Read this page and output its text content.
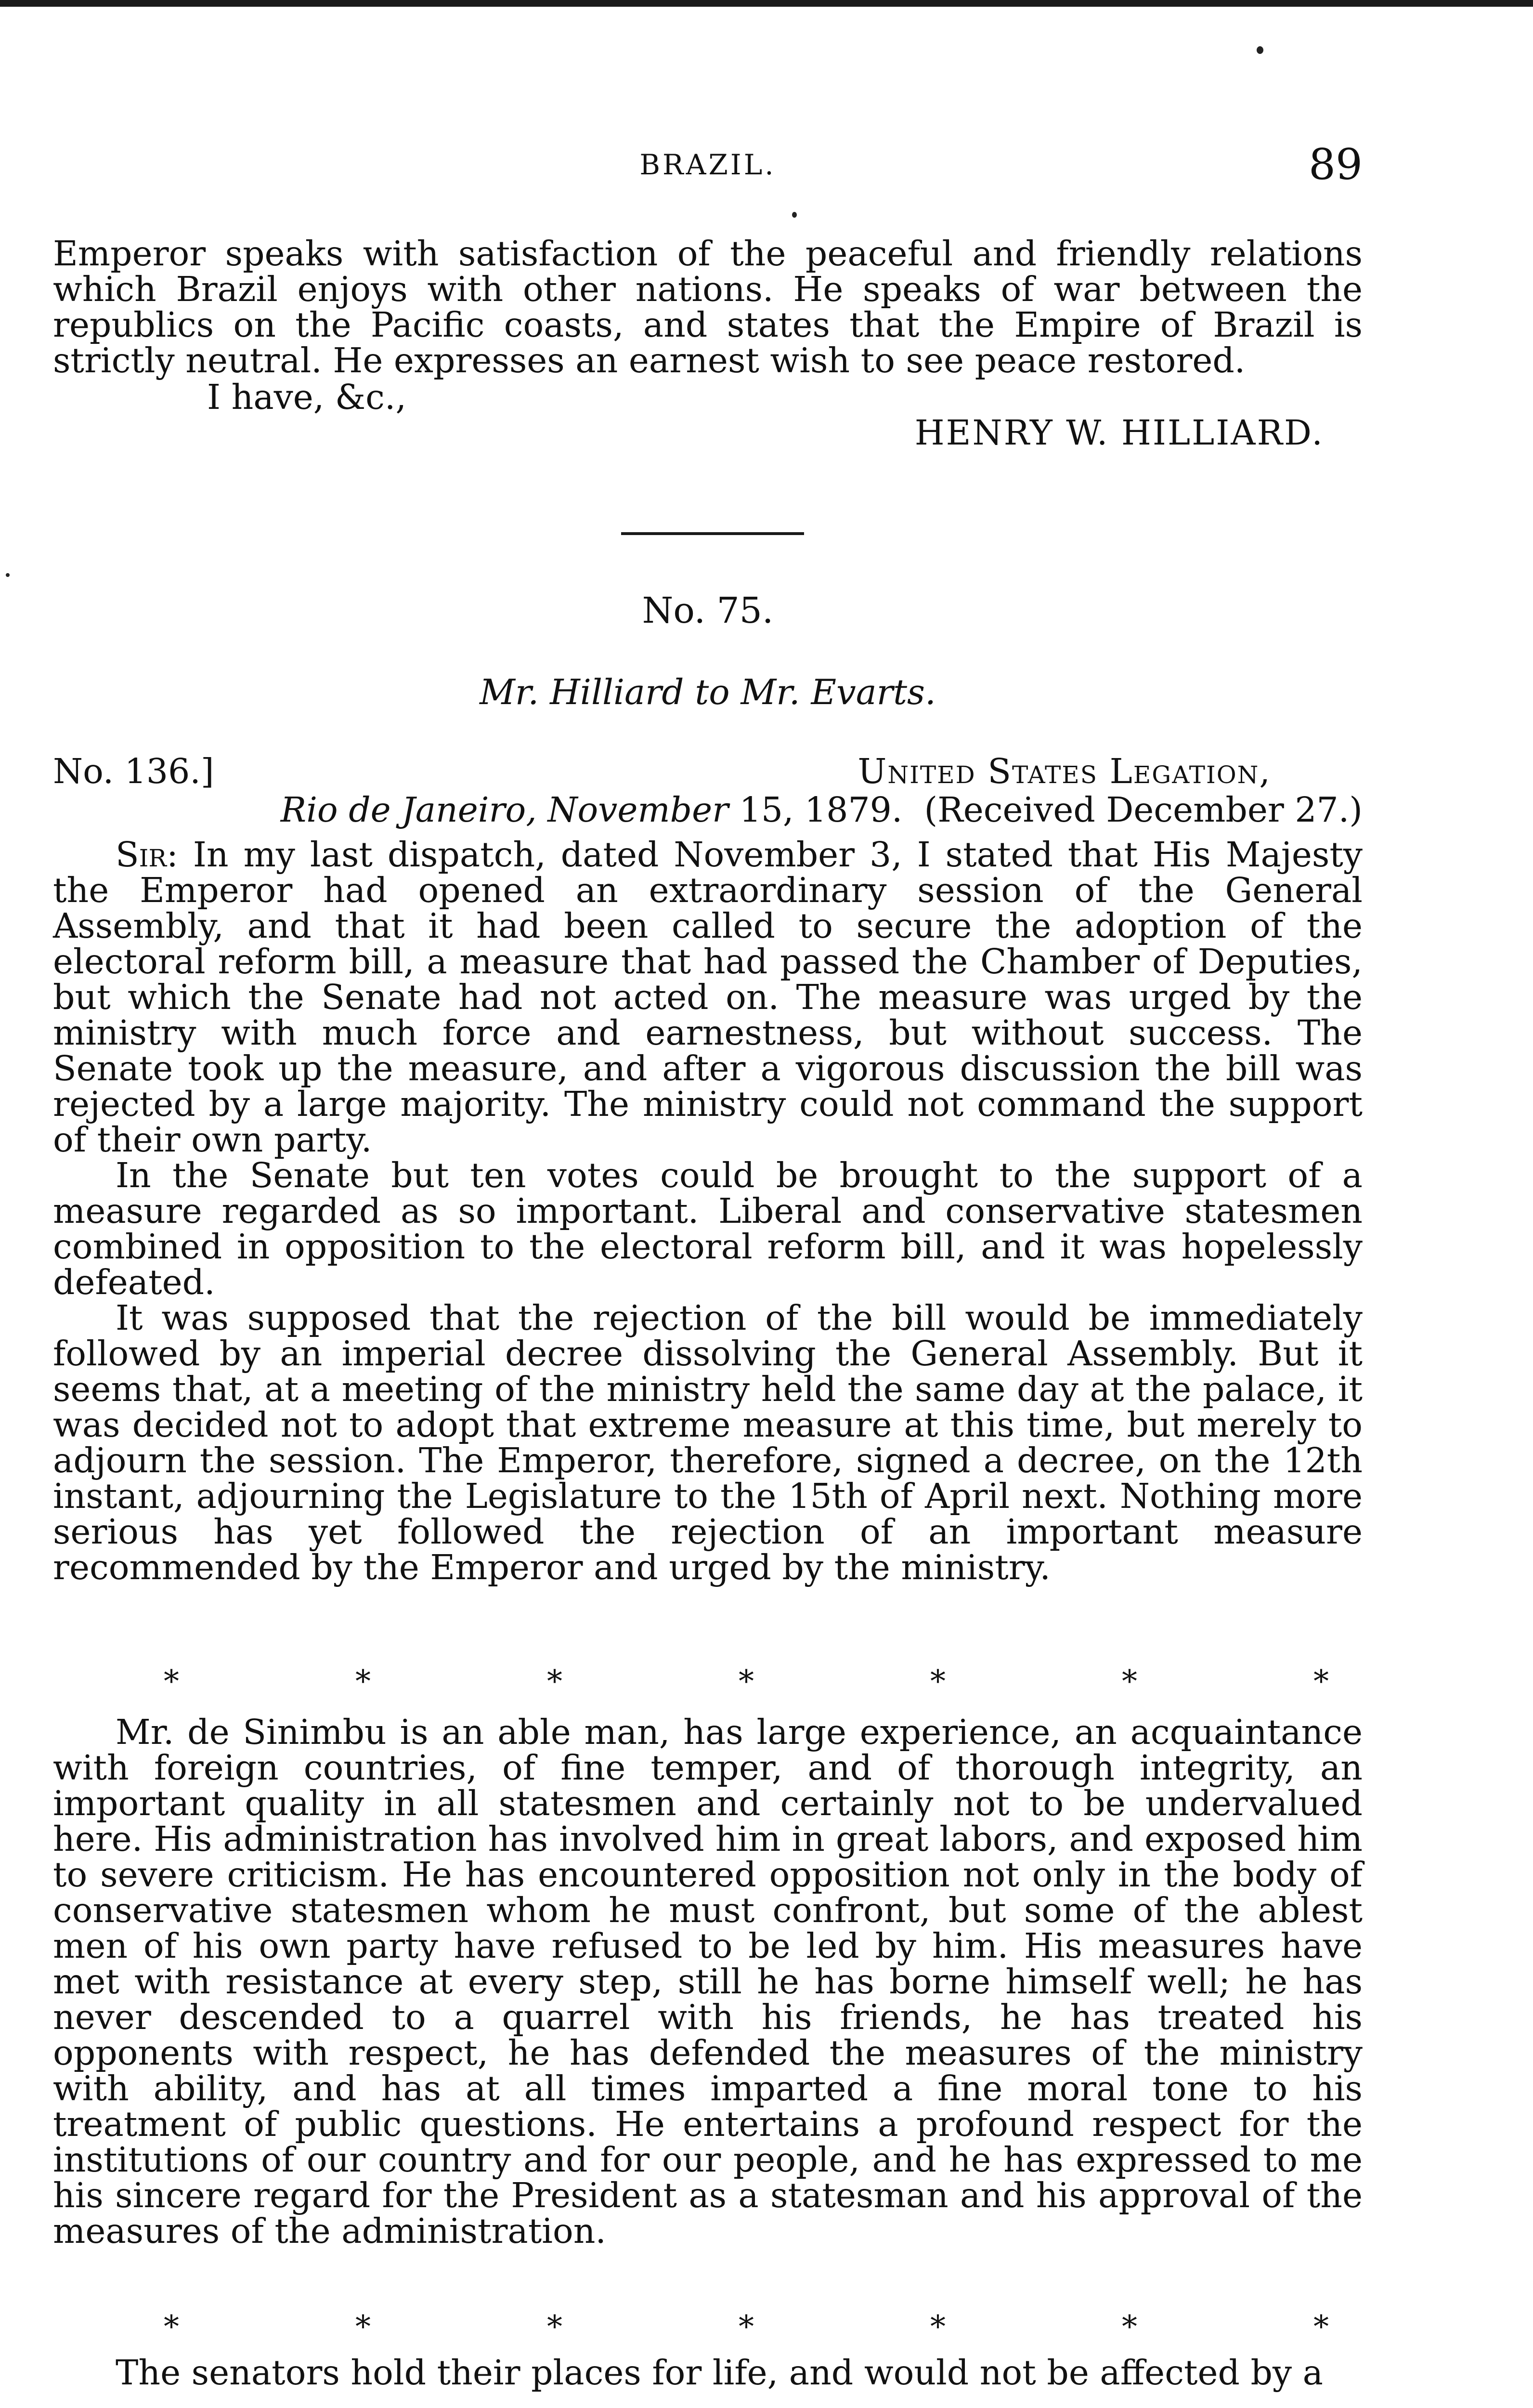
BRAZIL.	89

Emperor speaks with satisfaction of the peaceful and friendly relations which Brazil enjoys with other nations. He speaks of war between the republics on the Pacific coasts, and states that the Empire of Brazil is strictly neutral. He expresses an earnest wish to see peace restored.

I have, &c.,
HENRY W. HILLIARD.
No. 75.
Mr. Hilliard to Mr. Evarts.
No. 136.]	United States Legation,
Rio de Janeiro, November 15, 1879. (Received December 27.)

Sir: In my last dispatch, dated November 3, I stated that His Majesty the Emperor had opened an extraordinary session of the General Assembly, and that it had been called to secure the adoption of the electoral reform bill, a measure that had passed the Chamber of Deputies, but which the Senate had not acted on. The measure was urged by the ministry with much force and earnestness, but without success. The Senate took up the measure, and after a vigorous discussion the bill was rejected by a large majority. The ministry could not command the support of their own party.

In the Senate but ten votes could be brought to the support of a measure regarded as so important. Liberal and conservative statesmen combined in opposition to the electoral reform bill, and it was hopelessly defeated.

It was supposed that the rejection of the bill would be immediately followed by an imperial decree dissolving the General Assembly. But it seems that, at a meeting of the ministry held the same day at the palace, it was decided not to adopt that extreme measure at this time, but merely to adjourn the session. The Emperor, therefore, signed a decree, on the 12th instant, adjourning the Legislature to the 15th of April next. Nothing more serious has yet followed the rejection of an important measure recommended by the Emperor and urged by the ministry.

*	*	*	*	*	*	*

Mr. de Sinimbu is an able man, has large experience, an acquaintance with foreign countries, of fine temper, and of thorough integrity, an important quality in all statesmen and certainly not to be undervalued here. His administration has involved him in great labors, and exposed him to severe criticism. He has encountered opposition not only in the body of conservative statesmen whom he must confront, but some of the ablest men of his own party have refused to be led by him. His measures have met with resistance at every step, still he has borne himself well; he has never descended to a quarrel with his friends, he has treated his opponents with respect, he has defended the measures of the ministry with ability, and has at all times imparted a fine moral tone to his treatment of public questions. He entertains a profound respect for the institutions of our country and for our people, and he has expressed to me his sincere regard for the President as a statesman and his approval of the measures of the administration.

*	*	*	*	*	*	*

The senators hold their places for life, and would not be affected by a
